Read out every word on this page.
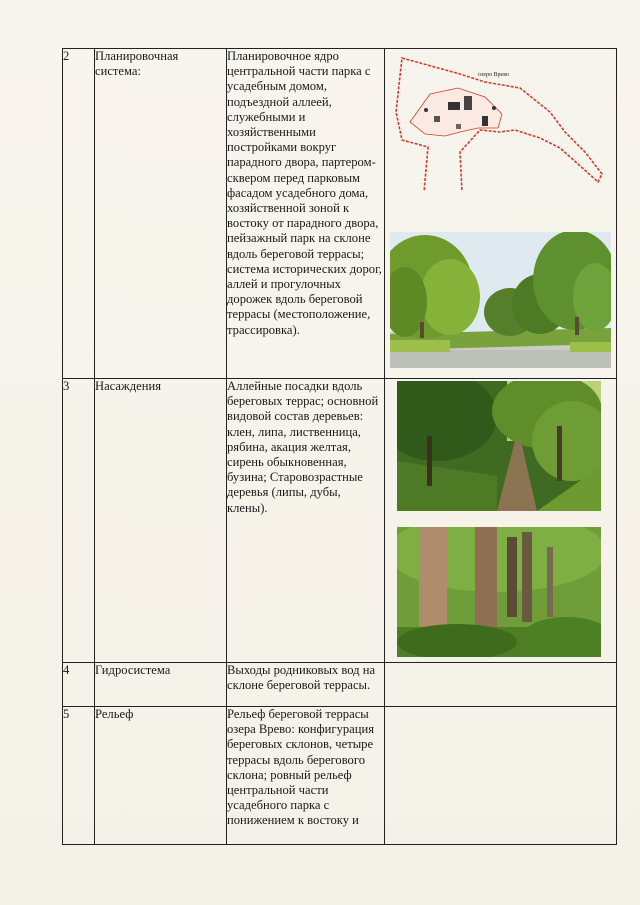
2	Планировочная система:	Планировочное ядро центральной части парка с усадебным домом, подъездной аллеей, служебными и хозяйственными постройками вокруг парадного двора, партером-сквером перед парковым фасадом усадебного дома, хозяйственной зоной к востоку от парадного двора, пейзажный парк на склоне вдоль береговой террасы; система исторических дорог, аллей и прогулочных дорожек вдоль береговой террасы (местоположение, трассировка).	

3	Насаждения	Аллейные посадки вдоль береговых террас; основной видовой состав деревьев: клен, липа, лиственница, рябина, акация желтая, сирень обыкновенная, бузина; Старовозрастные деревья (липы, дубы, клены).	

4	Гидросистема	Выходы родниковых вод на склоне береговой террасы.	
5	Рельеф	Рельеф береговой террасы озера Врево: конфигурация береговых склонов, четыре террасы вдоль берегового склона; ровный рельеф центральной части усадебного парка с понижением к востоку и	
озеро Врево
